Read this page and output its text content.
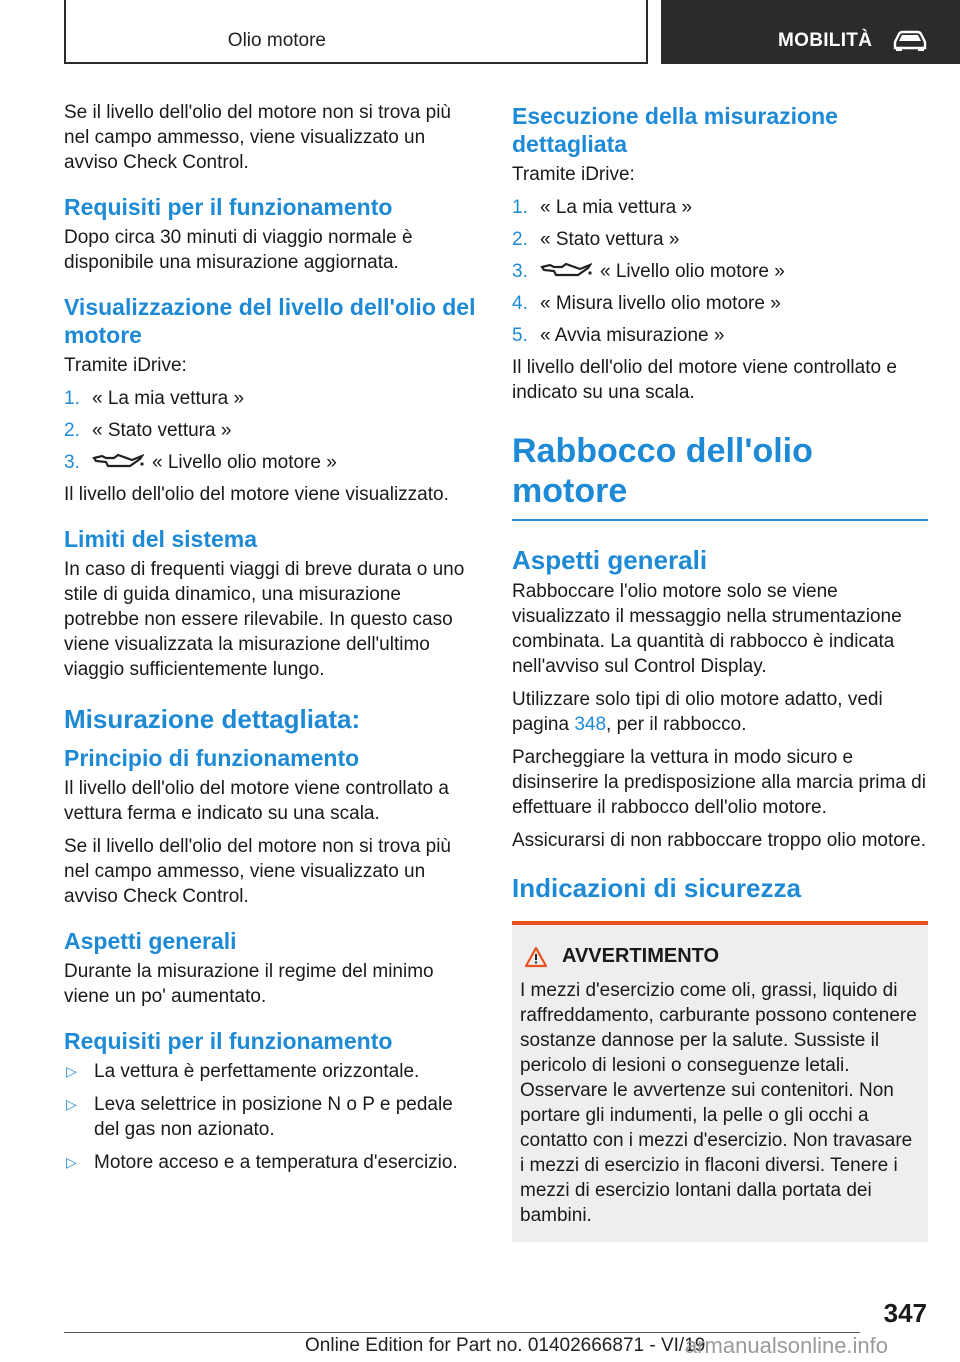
Olio motore	MOBILITÀ

Se il livello dell'olio del motore non si trova più nel campo ammesso, viene visualizzato un avviso Check Control.

Requisiti per il funzionamento

Dopo circa 30 minuti di viaggio normale è disponibile una misurazione aggiornata.

Visualizzazione del livello dell'olio del motore

Tramite iDrive:

1. « La mia vettura »
2. « Stato vettura »
3.	« Livello olio motore »

Il livello dell'olio del motore viene visualizzato.

Limiti del sistema

In caso di frequenti viaggi di breve durata o uno stile di guida dinamico, una misurazione potrebbe non essere rilevabile. In questo caso viene visualizzata la misurazione dell'ultimo viaggio sufficientemente lungo.

Misurazione dettagliata:
Principio di funzionamento

Il livello dell'olio del motore viene controllato a vettura ferma e indicato su una scala.

Se il livello dell'olio del motore non si trova più nel campo ammesso, viene visualizzato un avviso Check Control.

Aspetti generali

Durante la misurazione il regime del minimo viene un po' aumentato.

Requisiti per il funzionamento
▷ La vettura è perfettamente orizzontale.
▷ Leva selettrice in posizione N o P e pedale del gas non azionato.
▷ Motore acceso e a temperatura d'esercizio.
Esecuzione della misurazione dettagliata

Tramite iDrive:

1. « La mia vettura »
2. « Stato vettura »
3.	« Livello olio motore »
4. « Misura livello olio motore »
5. « Avvia misurazione »

Il livello dell'olio del motore viene controllato e indicato su una scala.

Rabbocco dell'olio motore
Aspetti generali

Rabboccare l'olio motore solo se viene visualizzato il messaggio nella strumentazione combinata. La quantità di rabbocco è indicata nell'avviso sul Control Display.

Utilizzare solo tipi di olio motore adatto, vedi pagina 348, per il rabbocco.

Parcheggiare la vettura in modo sicuro e disinserire la predisposizione alla marcia prima di effettuare il rabbocco dell'olio motore.

Assicurarsi di non rabboccare troppo olio motore.

Indicazioni di sicurezza
AVVERTIMENTO

I mezzi d'esercizio come oli, grassi, liquido di raffreddamento, carburante possono contenere sostanze dannose per la salute. Sussiste il pericolo di lesioni o conseguenze letali. Osservare le avvertenze sui contenitori. Non portare gli indumenti, la pelle o gli occhi a contatto con i mezzi d'esercizio. Non travasare i mezzi di esercizio in flaconi diversi. Tenere i mezzi di esercizio lontani dalla portata dei bambini.

347
Online Edition for Part no. 01402666871 - VI/19
armanualsonline.info
